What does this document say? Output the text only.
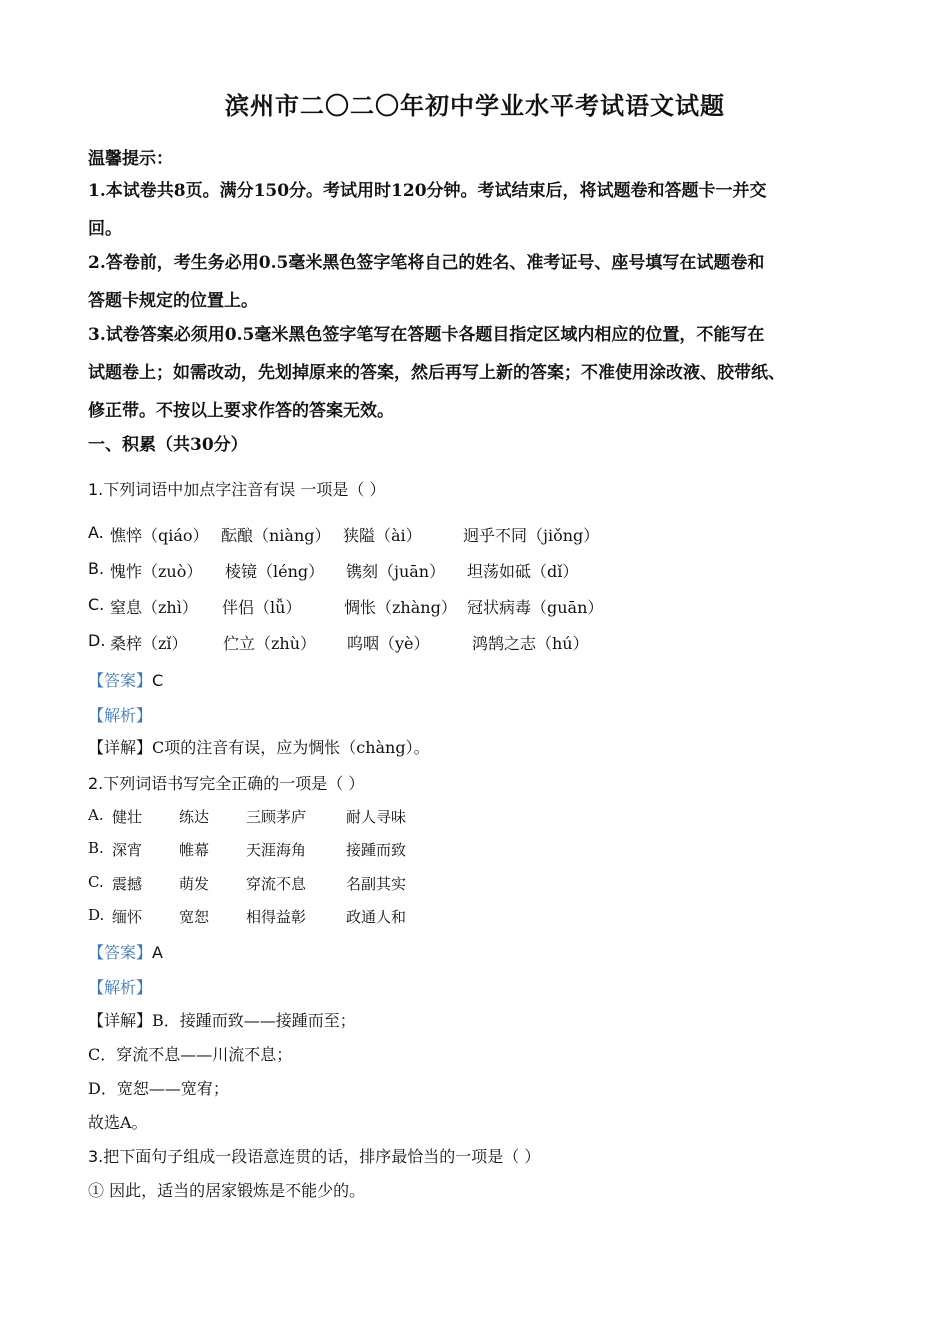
滨州市二〇二〇年初中学业水平考试语文试题
温馨提示：
1.本试卷共8页。满分150分。考试用时120分钟。考试结束后，将试题卷和答题卡一并交
回。
2.答卷前，考生务必用0.5毫米黑色签字笔将自己的姓名、准考证号、座号填写在试题卷和
答题卡规定的位置上。
3.试卷答案必须用0.5毫米黑色签字笔写在答题卡各题目指定区域内相应的位置，不能写在
试题卷上；如需改动，先划掉原来的答案，然后再写上新的答案；不准使用涂改液、胶带纸、
修正带。不按以上要求作答的答案无效。
一、积累（共30分）
1.下列词语中加点字注音有误 一项是（ ）
A. 憔悴（qiáo） 酝酿（niàng） 狭隘（ài）	迥乎不同（jiǒng）
B. 愧怍（zuò） 棱镜（léng） 镌刻（juān） 坦荡如砥（dǐ）
C. 窒息（zhì） 伴侣（lǚ）	惆怅（zhàng） 冠状病毒（guān）
D. 桑梓（zǐ） 伫立（zhù） 呜咽（yè）	鸿鹄之志（hú）
【答案】C
【解析】
【详解】C项的注音有误，应为惆怅（chàng）。
2.下列词语书写完全正确的一项是（ ）
A. 健壮 练达 三顾茅庐	耐人寻味
B. 深宵 帷幕 天涯海角	接踵而致
C. 震撼 萌发 穿流不息	名副其实
D. 缅怀 宽恕 相得益彰	政通人和
【答案】A
【解析】
【详解】B．接踵而致——接踵而至；
C．穿流不息——川流不息；
D．宽恕——宽宥；
故选A。
3.把下面句子组成一段语意连贯的话，排序最恰当的一项是（ ）
① 因此，适当的居家锻炼是不能少的。
